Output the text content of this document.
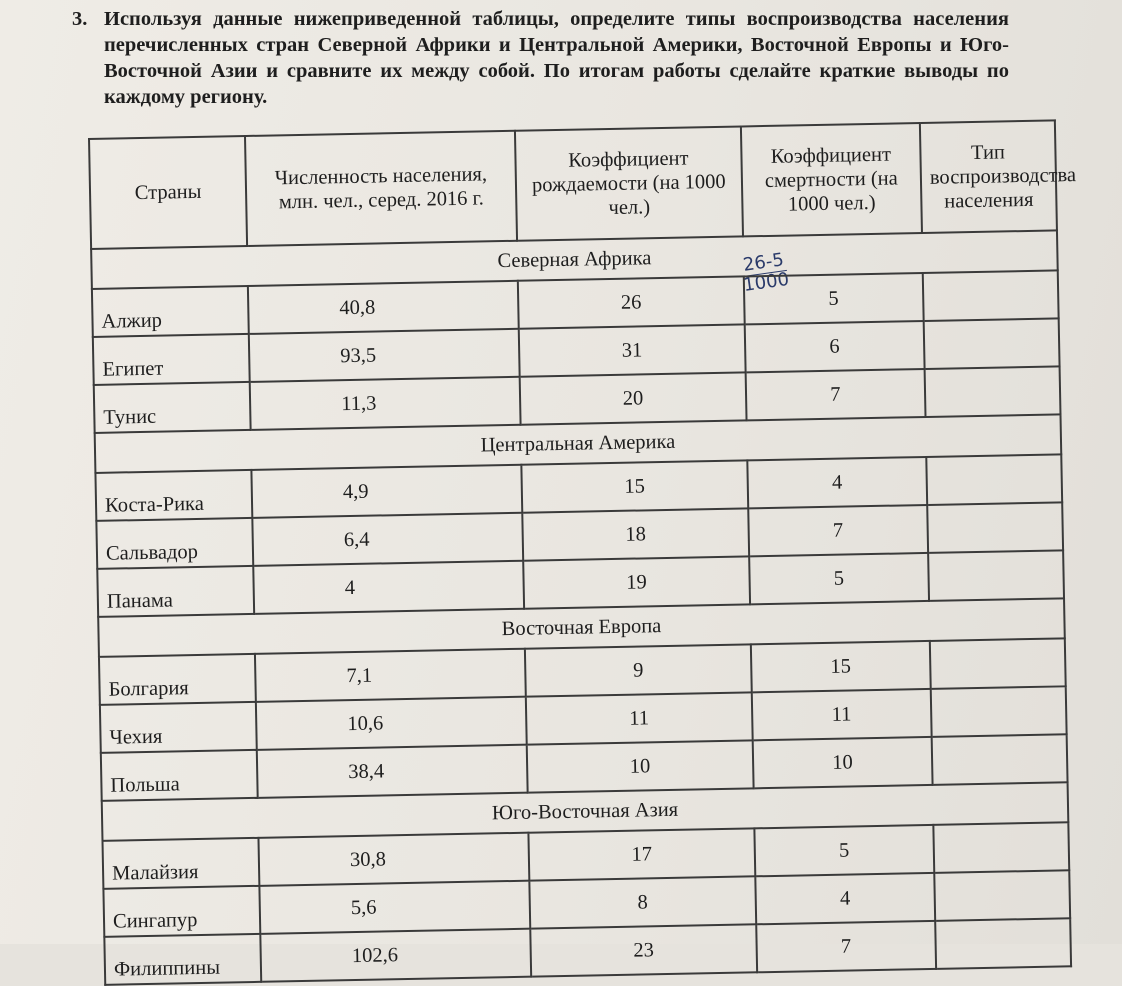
3. Используя данные нижеприведенной таблицы, определите типы воспроизводства населения перечисленных стран Северной Африки и Центральной Америки, Восточной Европы и Юго-Восточной Азии и сравните их между собой. По итогам работы сделайте краткие выводы по каждому региону.
26-5
1000
Страны	Численность населения, млн. чел., серед. 2016 г.	Коэффициент рождаемости (на 1000 чел.)	Коэффициент смертности (на 1000 чел.)	Тип воспроизводства населения
Северная Африка				
Алжир	40,8	26	5	
Египет	93,5	31	6	
Тунис	11,3	20	7	
Центральная Америка				
Коста-Рика	4,9	15	4	
Сальвадор	6,4	18	7	
Панама	4	19	5	
Восточная Европа				
Болгария	7,1	9	15	
Чехия	10,6	11	11	
Польша	38,4	10	10	
Юго-Восточная Азия				
Малайзия	30,8	17	5	
Сингапур	5,6	8	4	
Филиппины	102,6	23	7	
